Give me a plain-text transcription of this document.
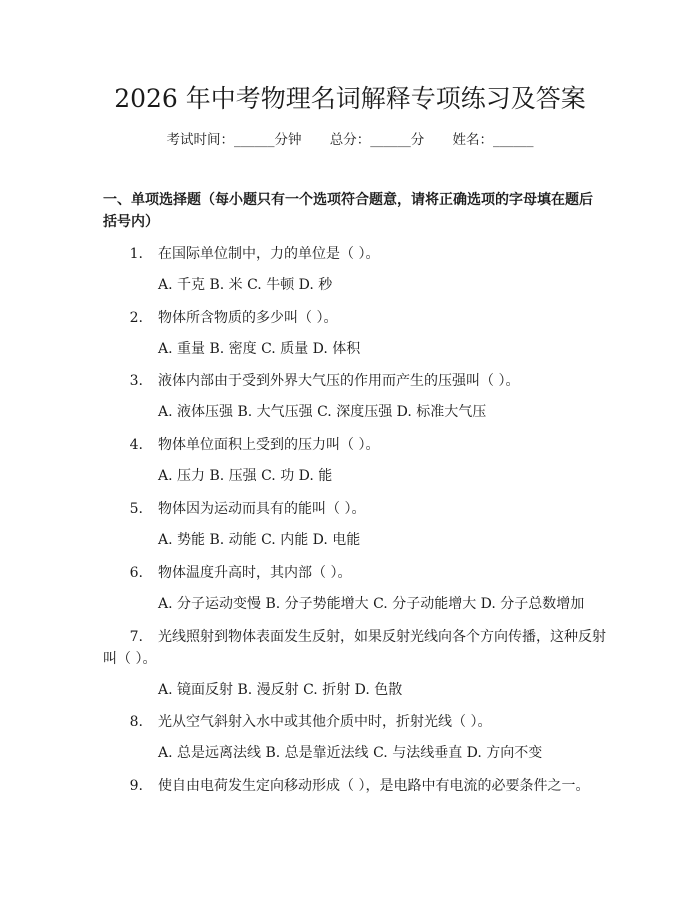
2026 年中考物理名词解释专项练习及答案
考试时间：______分钟 总分：______分 姓名：______
一、单项选择题（每小题只有一个选项符合题意，请将正确选项的字母填在题后括号内）
1. 在国际单位制中，力的单位是（ ）。
A. 千克 B. 米 C. 牛顿 D. 秒
2. 物体所含物质的多少叫（ ）。
A. 重量 B. 密度 C. 质量 D. 体积
3. 液体内部由于受到外界大气压的作用而产生的压强叫（ ）。
A. 液体压强 B. 大气压强 C. 深度压强 D. 标准大气压
4. 物体单位面积上受到的压力叫（ ）。
A. 压力 B. 压强 C. 功 D. 能
5. 物体因为运动而具有的能叫（ ）。
A. 势能 B. 动能 C. 内能 D. 电能
6. 物体温度升高时，其内部（ ）。
A. 分子运动变慢 B. 分子势能增大 C. 分子动能增大 D. 分子总数增加
7. 光线照射到物体表面发生反射，如果反射光线向各个方向传播，这种反射
叫（ ）。
A. 镜面反射 B. 漫反射 C. 折射 D. 色散
8. 光从空气斜射入水中或其他介质中时，折射光线（ ）。
A. 总是远离法线 B. 总是靠近法线 C. 与法线垂直 D. 方向不变
9. 使自由电荷发生定向移动形成（ ），是电路中有电流的必要条件之一。
